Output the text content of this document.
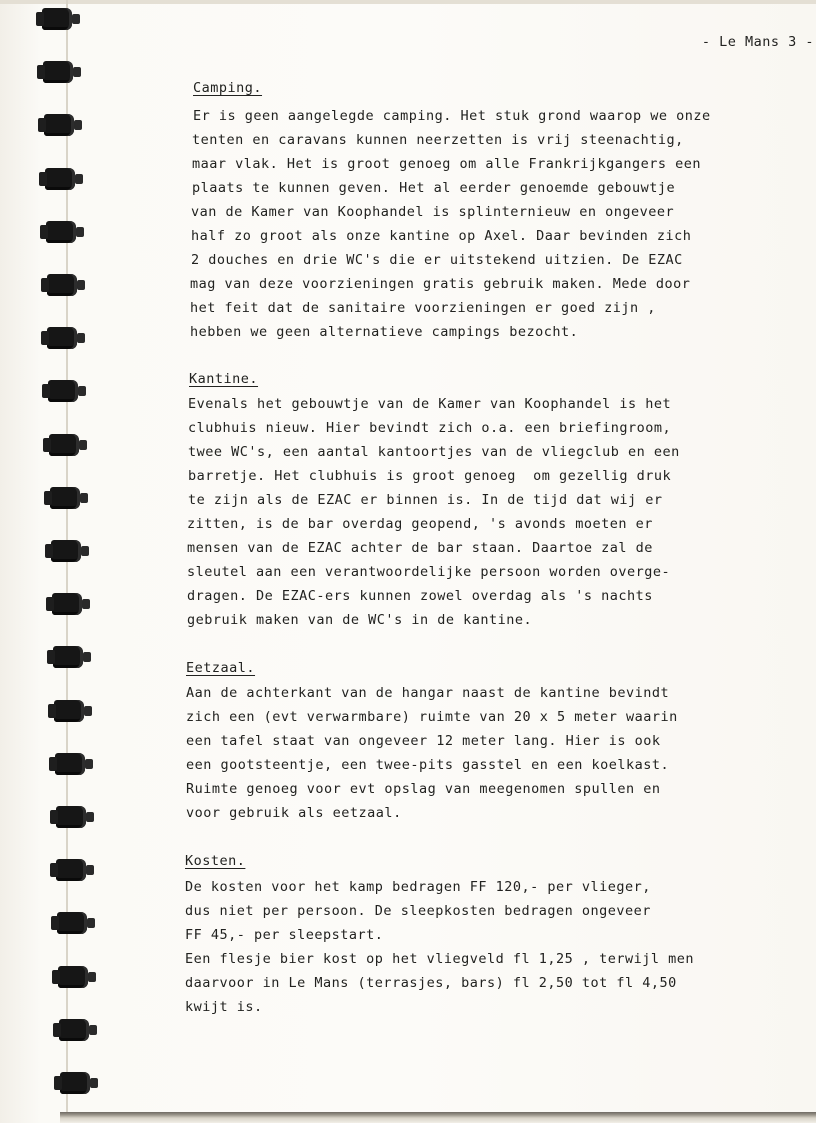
- Le Mans 3 -
Camping.
Er is geen aangelegde camping. Het stuk grond waarop we onze
tenten en caravans kunnen neerzetten is vrij steenachtig,
maar vlak. Het is groot genoeg om alle Frankrijkgangers een
plaats te kunnen geven. Het al eerder genoemde gebouwtje
van de Kamer van Koophandel is splinternieuw en ongeveer
half zo groot als onze kantine op Axel. Daar bevinden zich
2 douches en drie WC's die er uitstekend uitzien. De EZAC
mag van deze voorzieningen gratis gebruik maken. Mede door
het feit dat de sanitaire voorzieningen er goed zijn ,
hebben we geen alternatieve campings bezocht.
Kantine.
Evenals het gebouwtje van de Kamer van Koophandel is het
clubhuis nieuw. Hier bevindt zich o.a. een briefingroom,
twee WC's, een aantal kantoortjes van de vliegclub en een
barretje. Het clubhuis is groot genoeg  om gezellig druk
te zijn als de EZAC er binnen is. In de tijd dat wij er
zitten, is de bar overdag geopend, 's avonds moeten er
mensen van de EZAC achter de bar staan. Daartoe zal de
sleutel aan een verantwoordelijke persoon worden overge-
dragen. De EZAC-ers kunnen zowel overdag als 's nachts
gebruik maken van de WC's in de kantine.
Eetzaal.
Aan de achterkant van de hangar naast de kantine bevindt
zich een (evt verwarmbare) ruimte van 20 x 5 meter waarin
een tafel staat van ongeveer 12 meter lang. Hier is ook
een gootsteentje, een twee-pits gasstel en een koelkast.
Ruimte genoeg voor evt opslag van meegenomen spullen en
voor gebruik als eetzaal.
Kosten.
De kosten voor het kamp bedragen FF 120,- per vlieger,
dus niet per persoon. De sleepkosten bedragen ongeveer
FF 45,- per sleepstart.
Een flesje bier kost op het vliegveld fl 1,25 , terwijl men
daarvoor in Le Mans (terrasjes, bars) fl 2,50 tot fl 4,50
kwijt is.
